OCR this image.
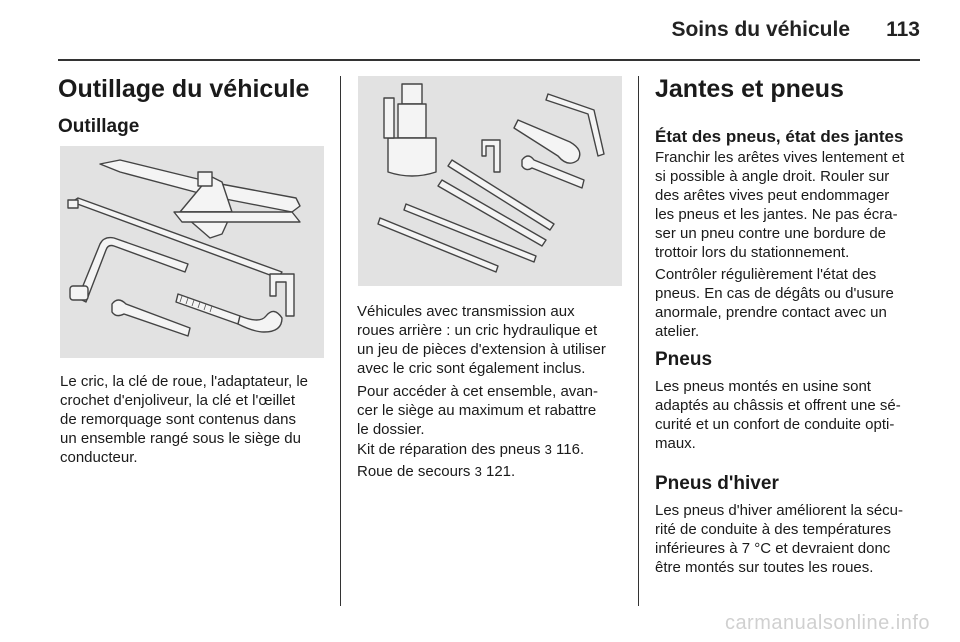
Soins du véhicule	113
Outillage du véhicule
Outillage
Le cric, la clé de roue, l'adaptateur, le
crochet d'enjoliveur, la clé et l'œillet
de remorquage sont contenus dans
un ensemble rangé sous le siège du
conducteur.
Véhicules avec transmission aux
roues arrière : un cric hydraulique et
un jeu de pièces d'extension à utiliser
avec le cric sont également inclus.
Pour accéder à cet ensemble, avan-
cer le siège au maximum et rabattre
le dossier.
Kit de réparation des pneus 3 116.
Roue de secours 3 121.
Jantes et pneus
État des pneus, état des jantes
Franchir les arêtes vives lentement et
si possible à angle droit. Rouler sur
des arêtes vives peut endommager
les pneus et les jantes. Ne pas écra-
ser un pneu contre une bordure de
trottoir lors du stationnement.
Contrôler régulièrement l'état des
pneus. En cas de dégâts ou d'usure
anormale, prendre contact avec un
atelier.
Pneus
Les pneus montés en usine sont
adaptés au châssis et offrent une sé-
curité et un confort de conduite opti-
maux.
Pneus d'hiver
Les pneus d'hiver améliorent la sécu-
rité de conduite à des températures
inférieures à 7 °C et devraient donc
être montés sur toutes les roues.
carmanualsonline.info
